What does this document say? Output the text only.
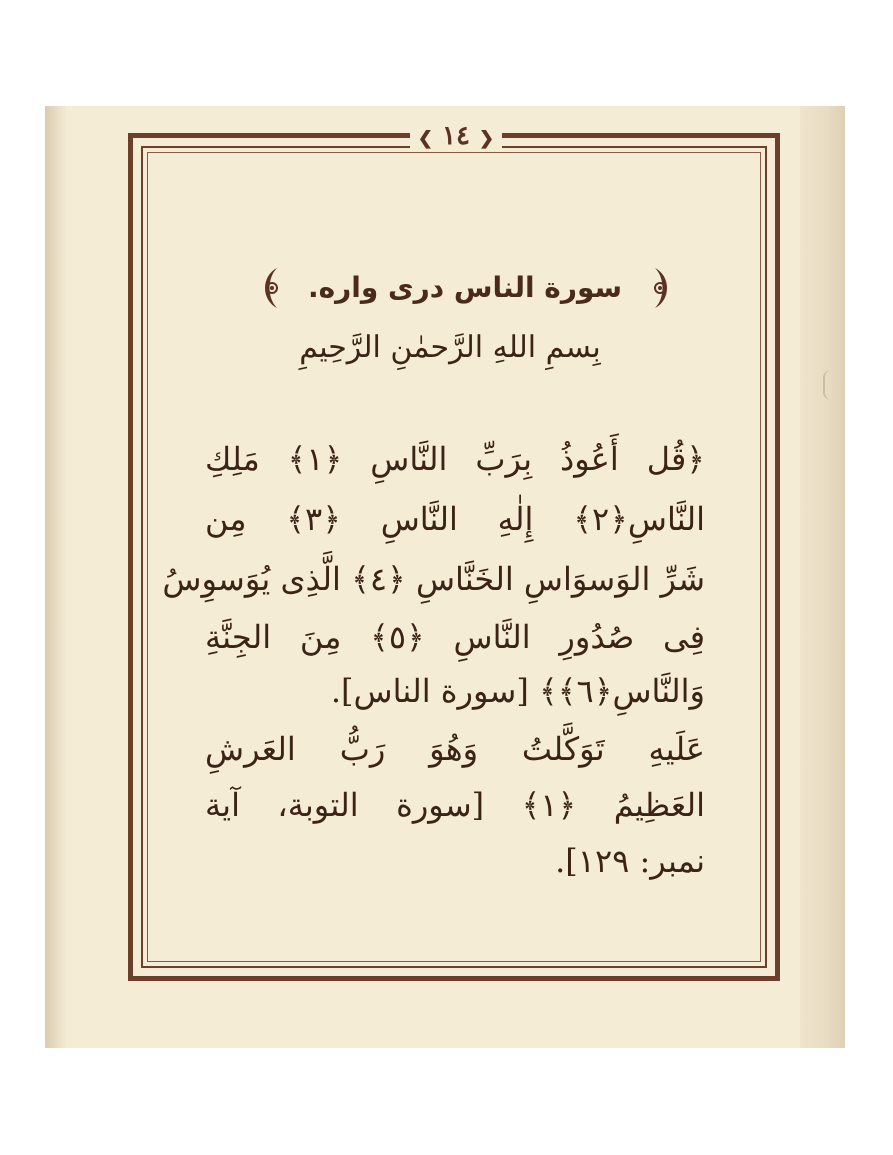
❮ ١٤ ❯
سورة الناس دری واره.
بِسمِ اللهِ الرَّحمٰنِ الرَّحِيمِ
﴿قُل أَعُوذُ بِرَبِّ النَّاسِ ﴿١﴾ مَلِكِ
النَّاسِ﴿٢﴾ إِلٰهِ النَّاسِ ﴿٣﴾ مِن
شَرِّ الوَسوَاسِ الخَنَّاسِ ﴿٤﴾ الَّذِی يُوَسوِسُ
فِی صُدُورِ النَّاسِ ﴿٥﴾ مِنَ الجِنَّةِ
وَالنَّاسِ﴿٦﴾﴾ [سورة الناس].
عَلَيهِ تَوَكَّلتُ وَهُوَ رَبُّ العَرشِ
العَظِيمُ ﴿١﴾ [سورة التوبة، آية
نمبر: ١٢٩].
